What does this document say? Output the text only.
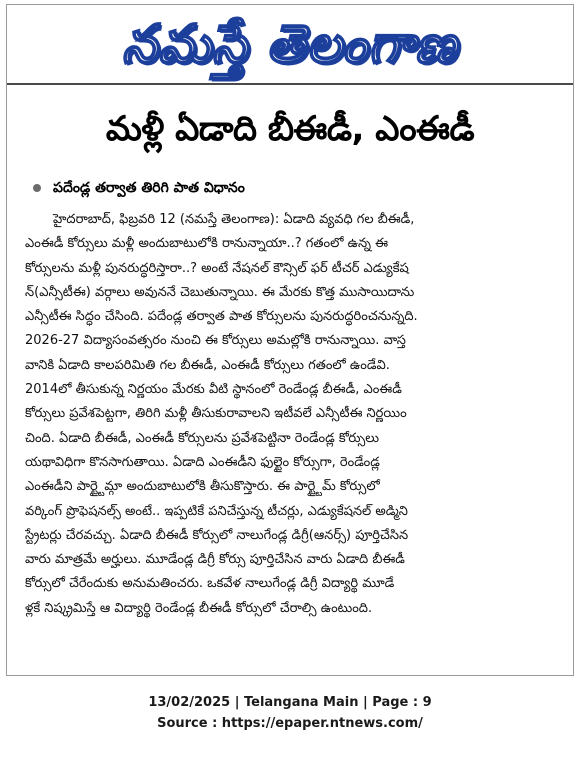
నమస్తే తెలంగాణ
మళ్లీ ఏడాది బీఈడీ, ఎంఈడీ
పదేండ్ల తర్వాత తిరిగి పాత విధానం
హైదరాబాద్, ఫిబ్రవరి 12 (నమస్తే తెలంగాణ): ఏడాది వ్యవధి గల బీఈడీ,
ఎంఈడీ కోర్సులు మళ్లీ అందుబాటులోకి రానున్నాయా..? గతంలో ఉన్న ఈ
కోర్సులను మళ్లీ పునరుద్ధరిస్తారా..? అంటే నేషనల్ కౌన్సిల్ ఫర్ టీచర్ ఎడ్యుకేష
న్(ఎన్సీటీఈ) వర్గాలు అవుననే చెబుతున్నాయి. ఈ మేరకు కొత్త ముసాయిదాను
ఎన్సీటీఈ సిద్ధం చేసింది. పదేండ్ల తర్వాత పాత కోర్సులను పునరుద్ధరించనున్నది.
2026-27 విద్యాసంవత్సరం నుంచి ఈ కోర్సులు అమల్లోకి రానున్నాయి. వాస్త
వానికి ఏడాది కాలపరిమితి గల బీఈడీ, ఎంఈడీ కోర్సులు గతంలో ఉండేవి.
2014లో తీసుకున్న నిర్ణయం మేరకు వీటి స్థానంలో రెండేండ్ల బీఈడీ, ఎంఈడీ
కోర్సులు ప్రవేశపెట్టగా, తిరిగి మళ్లీ తీసుకురావాలని ఇటీవలే ఎన్సీటీఈ నిర్ణయిం
చింది. ఏడాది బీఈడీ, ఎంఈడీ కోర్సులను ప్రవేశపెట్టినా రెండేండ్ల కోర్సులు
యథావిధిగా కొనసాగుతాయి. ఏడాది ఎంఈడీని ఫుల్టైం కోర్సుగా, రెండేండ్ల
ఎంఈడీని పార్ట్టైమ్గా అందుబాటులోకి తీసుకొస్తారు. ఈ పార్ట్టైమ్ కోర్సులో
వర్కింగ్ ప్రొఫెషనల్స్ అంటే.. ఇప్పటికే పనిచేస్తున్న టీచర్లు, ఎడ్యుకేషనల్ అడ్మిని
స్ట్రేటర్లు చేరవచ్చు. ఏడాది బీఈడీ కోర్సులో నాలుగేండ్ల డిగ్రీ(ఆనర్స్) పూర్తిచేసిన
వారు మాత్రమే అర్హులు. మూడేండ్ల డిగ్రీ కోర్సు పూర్తిచేసిన వారు ఏడాది బీఈడీ
కోర్సులో చేరేందుకు అనుమతించరు. ఒకవేళ నాలుగేండ్ల డిగ్రీ విద్యార్థి మూడే
ళ్లకే నిష్క్రమిస్తే ఆ విద్యార్థి రెండేండ్ల బీఈడీ కోర్సులో చేరాల్సి ఉంటుంది.
13/02/2025 | Telangana Main | Page : 9
Source : https://epaper.ntnews.com/
